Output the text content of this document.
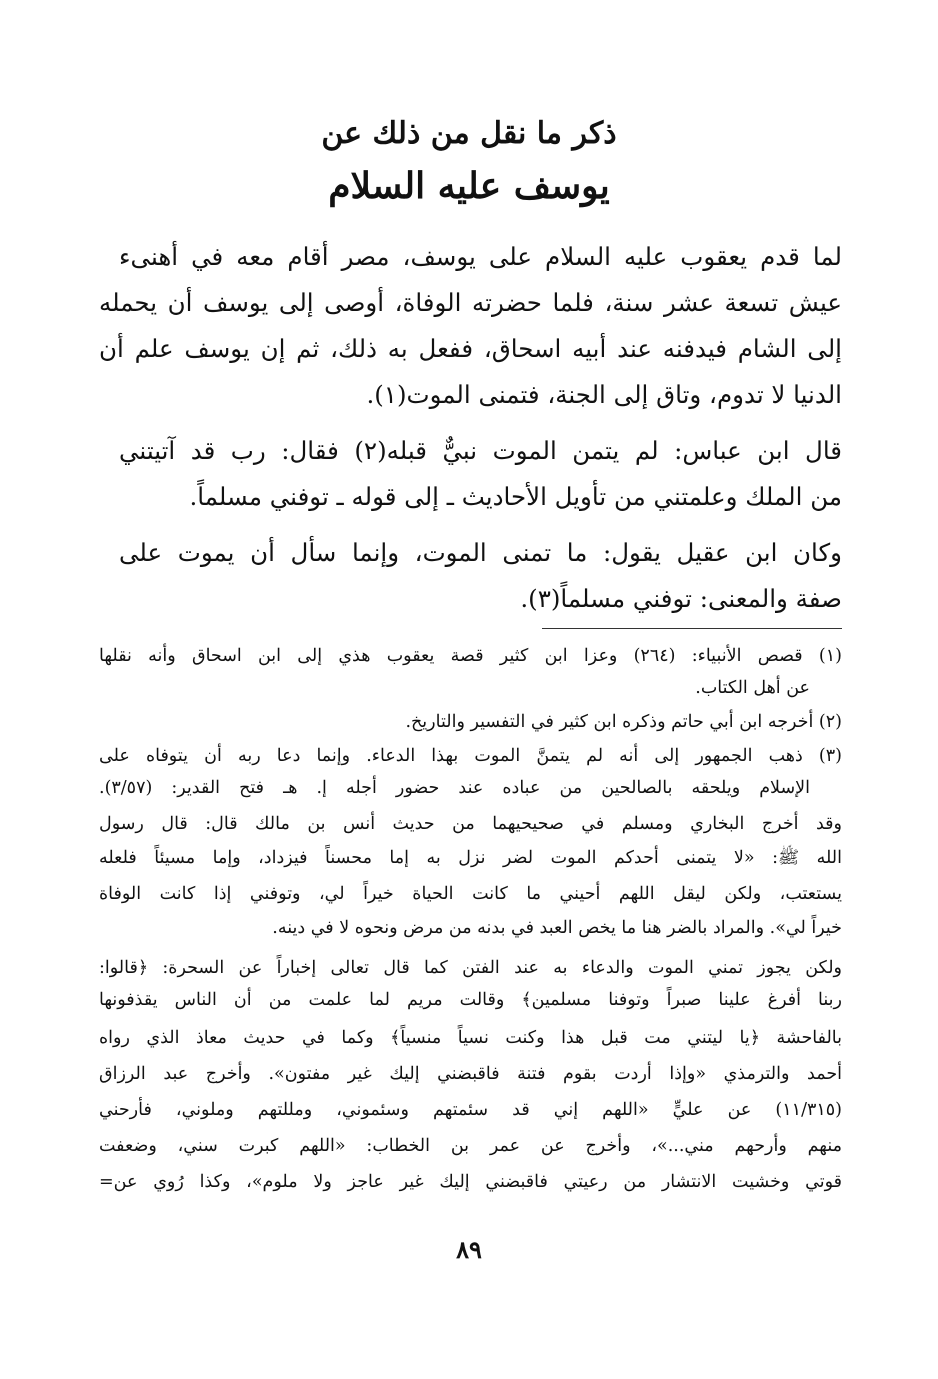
ذكر ما نقل من ذلك عن
يوسف عليه السلام
لما قدم يعقوب عليه السلام على يوسف، مصر أقام معه في أهنىء
عيش تسعة عشر سنة، فلما حضرته الوفاة، أوصى إلى يوسف أن يحمله
إلى الشام فيدفنه عند أبيه اسحاق، ففعل به ذلك، ثم إن يوسف علم أن
الدنيا لا تدوم، وتاق إلى الجنة، فتمنى الموت(١).
قال ابن عباس: لم يتمن الموت نبيٌّ قبله(٢) فقال: رب قد آتيتني
من الملك وعلمتني من تأويل الأحاديث ـ إلى قوله ـ توفني مسلماً.
وكان ابن عقيل يقول: ما تمنى الموت، وإنما سأل أن يموت على
صفة والمعنى: توفني مسلماً(٣).
(١) قصص الأنبياء: (٢٦٤) وعزا ابن كثير قصة يعقوب هذي إلى ابن اسحاق وأنه نقلها
عن أهل الكتاب.
(٢) أخرجه ابن أبي حاتم وذكره ابن كثير في التفسير والتاريخ.
(٣) ذهب الجمهور إلى أنه لم يتمنَّ الموت بهذا الدعاء. وإنما دعا ربه أن يتوفاه على
الإسلام ويلحقه بالصالحين من عباده عند حضور أجله إ. هـ فتح القدير: (٣/٥٧).
وقد أخرج البخاري ومسلم في صحيحيهما من حديث أنس بن مالك قال: قال رسول
الله ﷺ: «لا يتمنى أحدكم الموت لضر نزل به إما محسناً فيزداد، وإما مسيئاً فلعله
يستعتب، ولكن ليقل اللهم أحيني ما كانت الحياة خيراً لي، وتوفني إذا كانت الوفاة
خيراً لي». والمراد بالضر هنا ما يخص العبد في بدنه من مرض ونحوه لا في دينه.
ولكن يجوز تمني الموت والدعاء به عند الفتن كما قال تعالى إخباراً عن السحرة: ﴿قالوا:
ربنا أفرغ علينا صبراً وتوفنا مسلمين﴾ وقالت مريم لما علمت من أن الناس يقذفونها
بالفاحشة ﴿يا ليتني مت قبل هذا وكنت نسياً منسياً﴾ وكما في حديث معاذ الذي رواه
أحمد والترمذي «وإذا أردت بقوم فتنة فاقبضني إليك غير مفتون». وأخرج عبد الرزاق
(١١/٣١٥) عن عليٍّ «اللهم إني قد سئمتهم وسئموني، ومللتهم وملوني، فأرحني
منهم وأرحهم مني...»، وأخرج عن عمر بن الخطاب: «اللهم كبرت سني، وضعفت
قوتي وخشيت الانتشار من رعيتي فاقبضني إليك غير عاجز ولا ملوم»، وكذا رُوي عن=
٨٩
